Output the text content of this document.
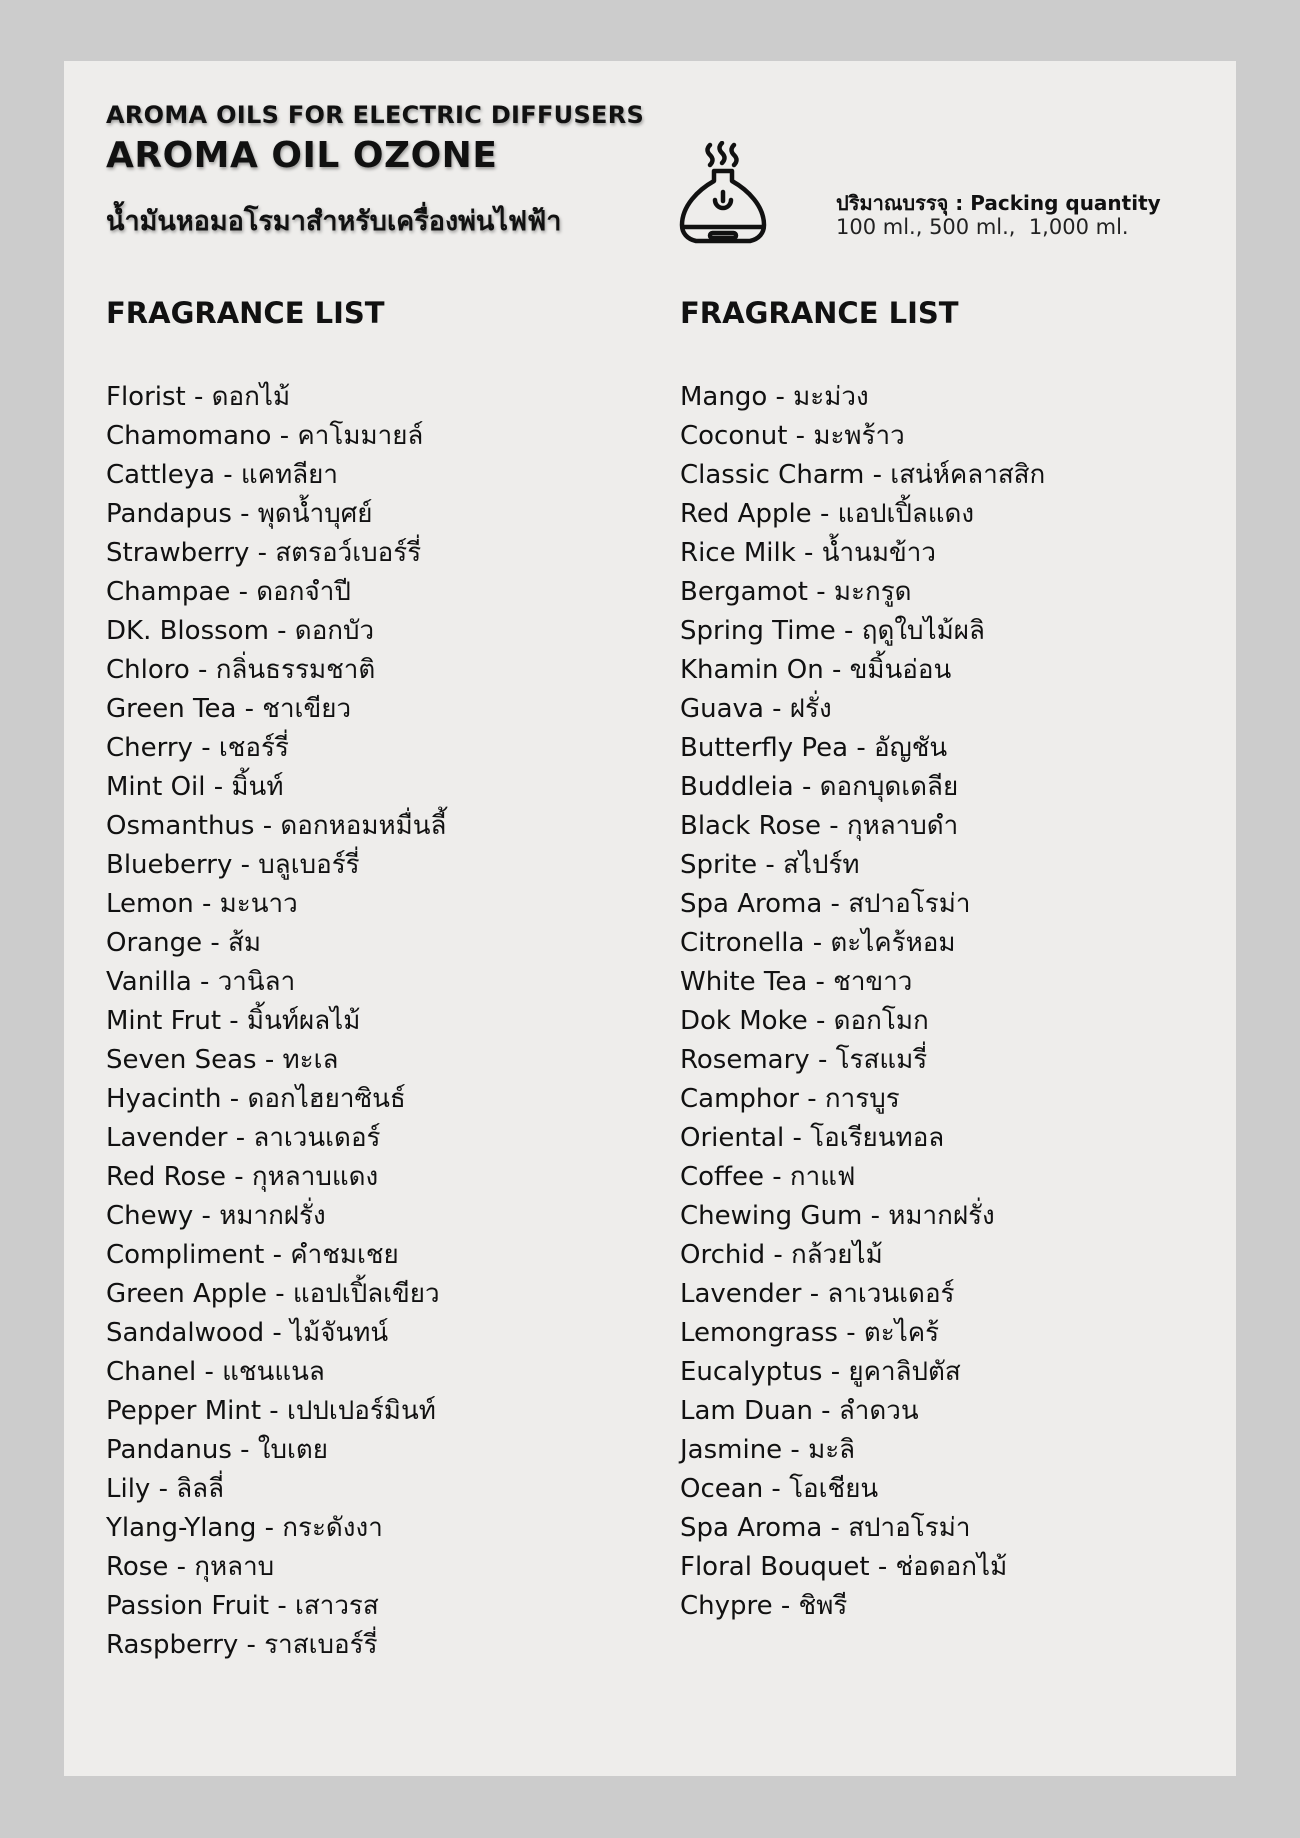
AROMA OILS FOR ELECTRIC DIFFUSERS

AROMA OIL OZONE

น้ำมันหอมอโรมาสำหรับเครื่องพ่นไฟฟ้า

ปริมาณบรรจุ : Packing quantity

100 ml., 500 ml.,  1,000 ml.

FRAGRANCE LIST
Florist - ดอกไม้
Chamomano - คาโมมายล์
Cattleya - แคทลียา
Pandapus - พุดน้ำบุศย์
Strawberry - สตรอว์เบอร์รี่
Champae - ดอกจำปี
DK. Blossom - ดอกบัว
Chloro - กลิ่นธรรมชาติ
Green Tea - ชาเขียว
Cherry - เชอร์รี่
Mint Oil - มิ้นท์
Osmanthus - ดอกหอมหมื่นลี้
Blueberry - บลูเบอร์รี่
Lemon - มะนาว
Orange - ส้ม
Vanilla - วานิลา
Mint Frut - มิ้นท์ผลไม้
Seven Seas - ทะเล
Hyacinth - ดอกไฮยาซินธ์
Lavender - ลาเวนเดอร์
Red Rose - กุหลาบแดง
Chewy - หมากฝรั่ง
Compliment - คำชมเชย
Green Apple - แอปเปิ้ลเขียว
Sandalwood - ไม้จันทน์
Chanel - แชนแนล
Pepper Mint - เปปเปอร์มินท์
Pandanus - ใบเตย
Lily - ลิลลี่
Ylang-Ylang - กระดังงา
Rose - กุหลาบ
Passion Fruit - เสาวรส
Raspberry - ราสเบอร์รี่
FRAGRANCE LIST
Mango - มะม่วง
Coconut - มะพร้าว
Classic Charm - เสน่ห์คลาสสิก
Red Apple - แอปเปิ้ลแดง
Rice Milk - น้ำนมข้าว
Bergamot - มะกรูด
Spring Time - ฤดูใบไม้ผลิ
Khamin On - ขมิ้นอ่อน
Guava - ฝรั่ง
Butterfly Pea - อัญชัน
Buddleia - ดอกบุดเดลีย
Black Rose - กุหลาบดำ
Sprite - สไปร์ท
Spa Aroma - สปาอโรม่า
Citronella - ตะไคร้หอม
White Tea - ชาขาว
Dok Moke - ดอกโมก
Rosemary - โรสแมรี่
Camphor - การบูร
Oriental - โอเรียนทอล
Coffee - กาแฟ
Chewing Gum - หมากฝรั่ง
Orchid - กล้วยไม้
Lavender - ลาเวนเดอร์
Lemongrass - ตะไคร้
Eucalyptus - ยูคาลิปตัส
Lam Duan - ลำดวน
Jasmine - มะลิ
Ocean - โอเชียน
Spa Aroma - สปาอโรม่า
Floral Bouquet - ช่อดอกไม้
Chypre - ชิพรี
